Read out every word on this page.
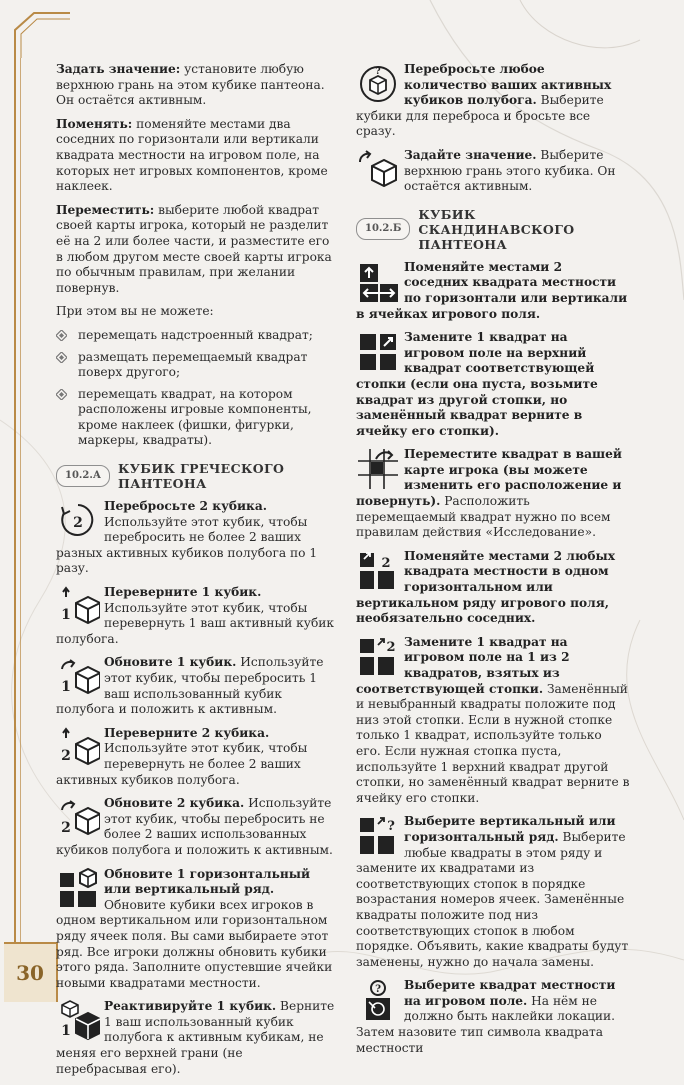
30

Задать значение: установите любую верхнюю грань на этом кубике пантеона. Он остаётся активным.

Поменять: поменяйте местами два соседних по горизонтали или вертикали квадрата местности на игровом поле, на которых нет игровых компонентов, кроме наклеек.

Переместить: выберите любой квадрат своей карты игрока, который не разделит её на 2 или более части, и разместите его в любом другом месте своей карты игрока по обычным правилам, при желании повернув.

При этом вы не можете:

перемещать надстроенный квадрат;
размещать перемещаемый квадрат поверх другого;
перемещать квадрат, на котором расположены игровые компоненты, кроме наклеек (фишки, фигурки, маркеры, квадраты).
10.2.А	КУБИК ГРЕЧЕСКОГО ПАНТЕОНА
2
Перебросьте 2 кубика. Используйте этот кубик, чтобы перебросить не более 2 ваших разных активных кубиков полубога по 1 разу.
1
Переверните 1 кубик. Используйте этот кубик, чтобы перевернуть 1 ваш активный кубик полубога.
1
Обновите 1 кубик. Используйте этот кубик, чтобы перебросить 1 ваш использованный кубик полубога и положить к активным.
2
Переверните 2 кубика. Используйте этот кубик, чтобы перевернуть не более 2 ваших активных кубиков полубога.
2
Обновите 2 кубика. Используйте этот кубик, чтобы перебросить не более 2 ваших использованных кубиков полубога и положить к активным.
Обновите 1 горизонтальный или вертикальный ряд. Обновите кубики всех игроков в одном вертикальном или горизонтальном ряду ячеек поля. Вы сами выбираете этот ряд. Все игроки должны обновить кубики этого ряда. Заполните опустевшие ячейки новыми квадратами местности.
1
Реактивируйте 1 кубик. Верните 1 ваш использованный кубик полубога к активным кубикам, не меняя его верхней грани (не перебрасывая его).
? Перебросьте любое количество ваших активных кубиков полубога. Выберите кубики для переброса и бросьте все сразу.
Задайте значение. Выберите верхнюю грань этого кубика. Он остаётся активным.
10.2.Б
КУБИК СКАНДИНАВСКОГО ПАНТЕОНА
Поменяйте местами 2 соседних квадрата местности по горизонтали или вертикали в ячейках игрового поля.
Замените 1 квадрат на игровом поле на верхний квадрат соответствующей стопки (если она пуста, возьмите квадрат из другой стопки, но заменённый квадрат верните в ячейку его стопки).
Переместите квадрат в вашей карте игрока (вы можете изменить его расположение и повернуть). Расположить перемещаемый квадрат нужно по всем правилам действия «Исследование».
2 Поменяйте местами 2 любых квадрата местности в одном горизонтальном или вертикальном ряду игрового поля, необязательно соседних.
2 Замените 1 квадрат на игровом поле на 1 из 2 квадратов, взятых из соответствующей стопки. Заменённый и невыбранный квадраты положите под низ этой стопки. Если в нужной стопке только 1 квадрат, используйте только его. Если нужная стопка пуста, используйте 1 верхний квадрат другой стопки, но заменённый квадрат верните в ячейку его стопки.
? Выберите вертикальный или горизонтальный ряд. Выберите любые квадраты в этом ряду и замените их квадратами из соответствующих стопок в порядке возрастания номеров ячеек. Заменённые квадраты положите под низ соответствующих стопок в любом порядке. Объявить, какие квадраты будут заменены, нужно до начала замены.
? Выберите квадрат местности на игровом поле. На нём не должно быть наклейки локации. Затем назовите тип символа квадрата местности
